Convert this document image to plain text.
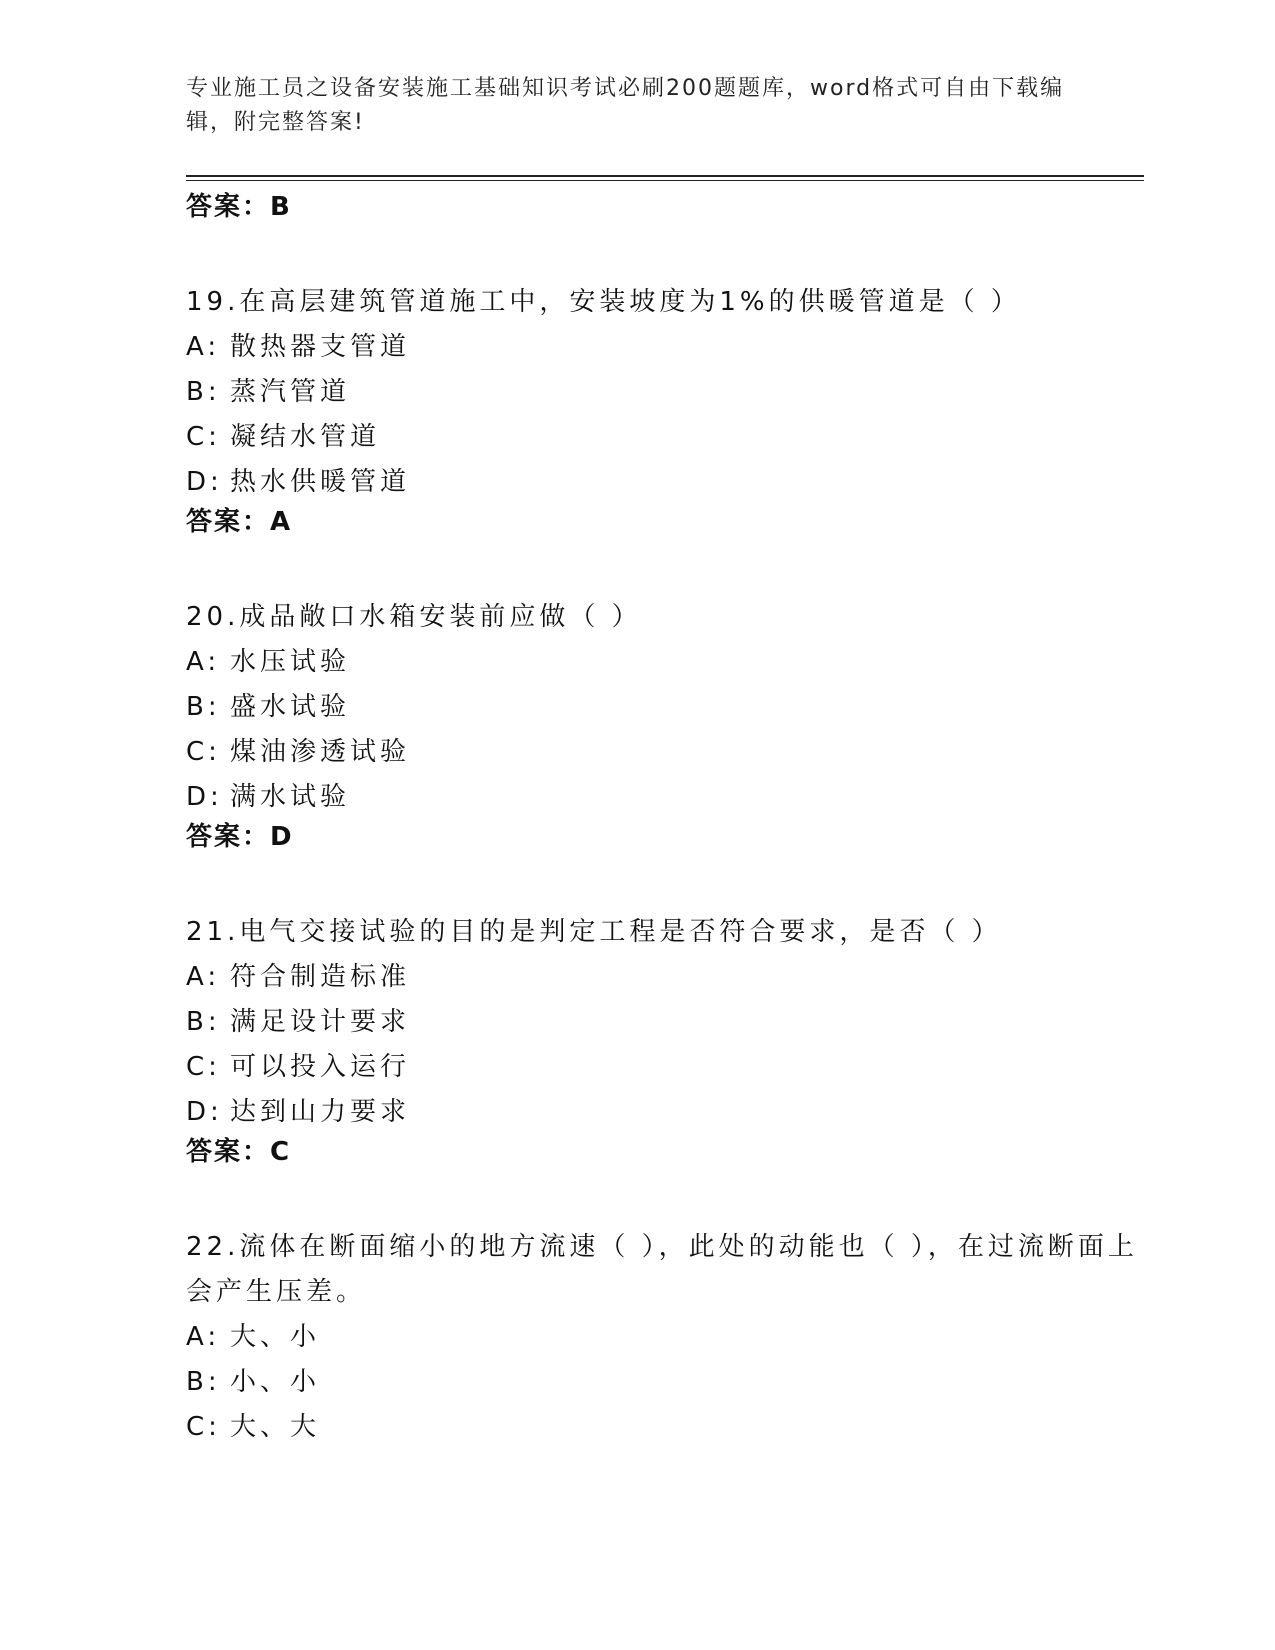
专业施工员之设备安装施工基础知识考试必刷200题题库，word格式可自由下载编辑，附完整答案!

答案：B

19.在高层建筑管道施工中，安装坡度为1%的供暖管道是（ ）

A: 散热器支管道

B: 蒸汽管道

C: 凝结水管道

D: 热水供暖管道

答案：A

20.成品敞口水箱安装前应做（ ）

A: 水压试验

B: 盛水试验

C: 煤油渗透试验

D: 满水试验

答案：D

21.电气交接试验的目的是判定工程是否符合要求，是否（ ）

A: 符合制造标准

B: 满足设计要求

C: 可以投入运行

D: 达到山力要求

答案：C

22.流体在断面缩小的地方流速（ ），此处的动能也（ ），在过流断面上会产生压差。

A: 大、小

B: 小、小

C: 大、大
